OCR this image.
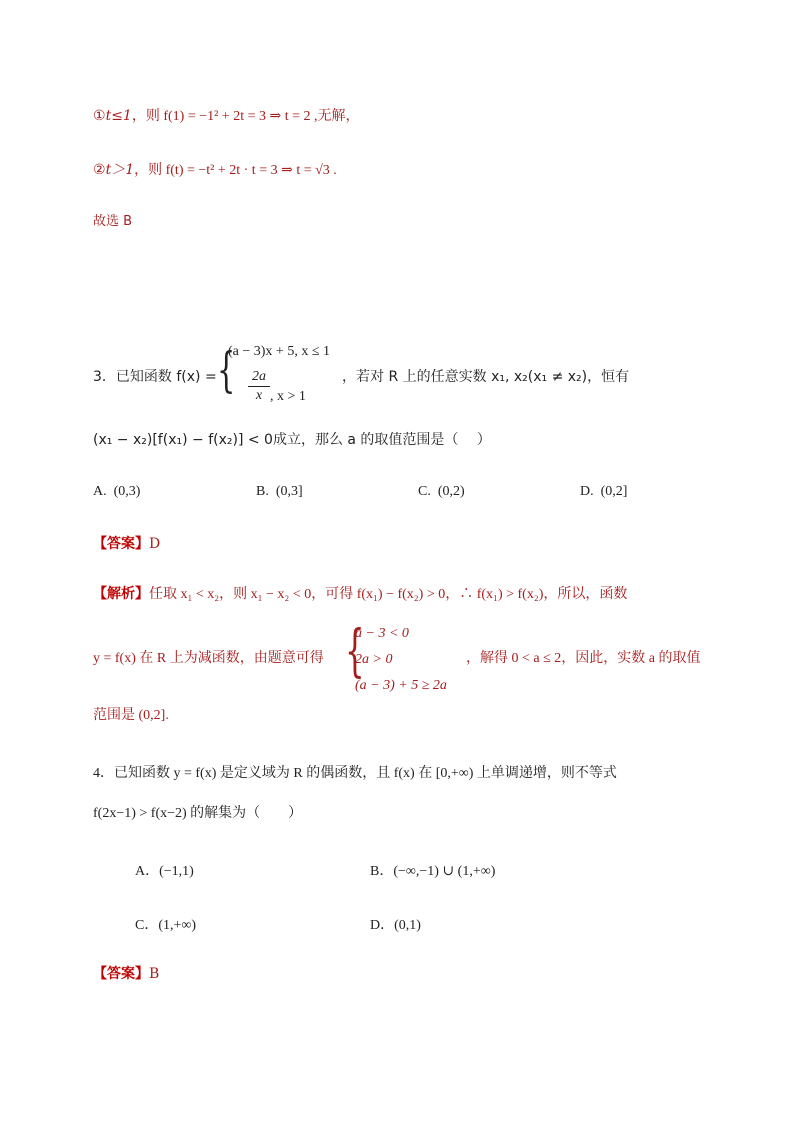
①t≤1，则 f(1) = −1² + 2t = 3 ⇒ t = 2 ,无解，
②t＞1，则 f(t) = −t² + 2t · t = 3 ⇒ t = √3 .
故选 B
3．已知函数 f(x) = {
(a − 3)x + 5, x ≤ 1
$\frac{2a}{x}$ , x > 1
，若对 R 上的任意实数 x₁, x₂(x₁ ≠ x₂)，恒有
(x₁ − x₂)[f(x₁) − f(x₂)] < 0成立，那么 a 的取值范围是（　 ）
A. (0,3)	B. (0,3]	C. (0,2)	D. (0,2]
【答案】D
【解析】任取 x₁ < x₂，则 x₁ − x₂ < 0，可得 f(x₁) − f(x₂) > 0，∴ f(x₁) > f(x₂)，所以，函数
y = f(x) 在 R 上为减函数，由题意可得 {
a − 3 < 0
2a > 0
(a − 3) + 5 ≥ 2a
，解得 0 < a ≤ 2，因此，实数 a 的取值
范围是 (0,2].
4．已知函数 y = f(x) 是定义域为 R 的偶函数，且 f(x) 在 [0,+∞) 上单调递增，则不等式
f(2x−1) > f(x−2) 的解集为（　　）
A．(−1,1)	B．(−∞,−1) ∪ (1,+∞)
C．(1,+∞)	D．(0,1)
【答案】B
